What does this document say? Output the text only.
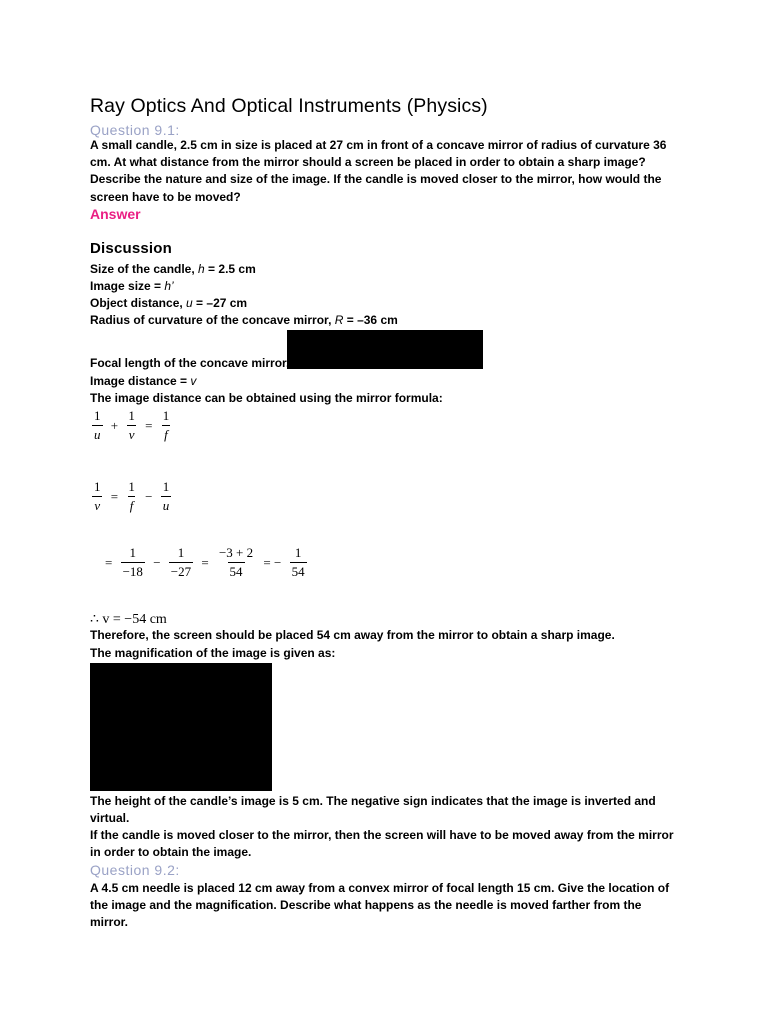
Ray Optics And Optical Instruments (Physics)
Question 9.1:
A small candle, 2.5 cm in size is placed at 27 cm in front of a concave mirror of radius of curvature 36 cm. At what distance from the mirror should a screen be placed in order to obtain a sharp image? Describe the nature and size of the image. If the candle is moved closer to the mirror, how would the screen have to be moved?
Answer
Discussion
Size of the candle, h = 2.5 cm
Image size = h’
Object distance, u = –27 cm
Radius of curvature of the concave mirror, R = –36 cm
Focal length of the concave mirror,
Image distance = v
The image distance can be obtained using the mirror formula:
$\frac{1}{u} + \frac{1}{v} = \frac{1}{f}$
$\frac{1}{v} = \frac{1}{f} - \frac{1}{u}$
= $\frac{1}{-18} - \frac{1}{-27} = \frac{-3 + 2}{54}$ = − $\frac{1}{54}$
∴ v = −54 cm
Therefore, the screen should be placed 54 cm away from the mirror to obtain a sharp image.
The magnification of the image is given as:
The height of the candle’s image is 5 cm. The negative sign indicates that the image is inverted and virtual.
If the candle is moved closer to the mirror, then the screen will have to be moved away from the mirror in order to obtain the image.
Question 9.2:
A 4.5 cm needle is placed 12 cm away from a convex mirror of focal length 15 cm. Give the location of the image and the magnification. Describe what happens as the needle is moved farther from the mirror.
